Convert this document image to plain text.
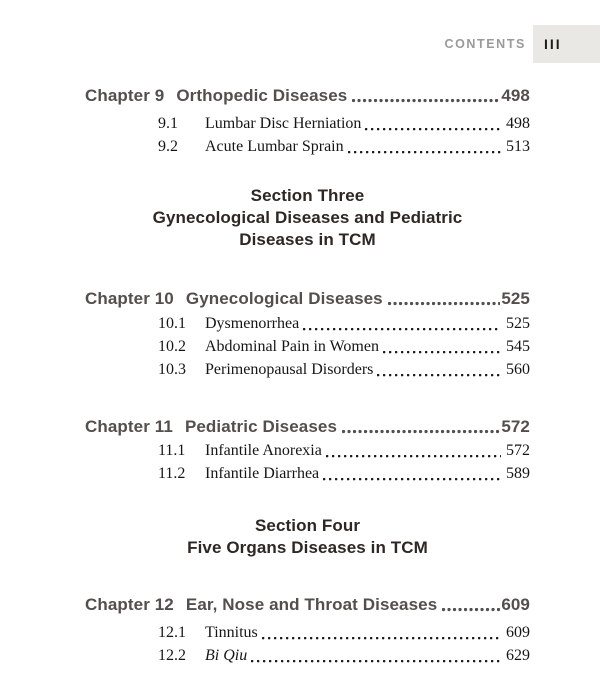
CONTENTS III
Chapter 9 Orthopedic Diseases	498
9.1	Lumbar Disc Herniation	498
9.2	Acute Lumbar Sprain	513
Section Three
Gynecological Diseases and Pediatric
Diseases in TCM
Chapter 10 Gynecological Diseases	525
10.1	Dysmenorrhea	525
10.2	Abdominal Pain in Women	545
10.3	Perimenopausal Disorders	560
Chapter 11 Pediatric Diseases	572
11.1	Infantile Anorexia	572
11.2	Infantile Diarrhea	589
Section Four
Five Organs Diseases in TCM
Chapter 12 Ear, Nose and Throat Diseases	609
12.1	Tinnitus	609
12.2	Bi Qiu	629
